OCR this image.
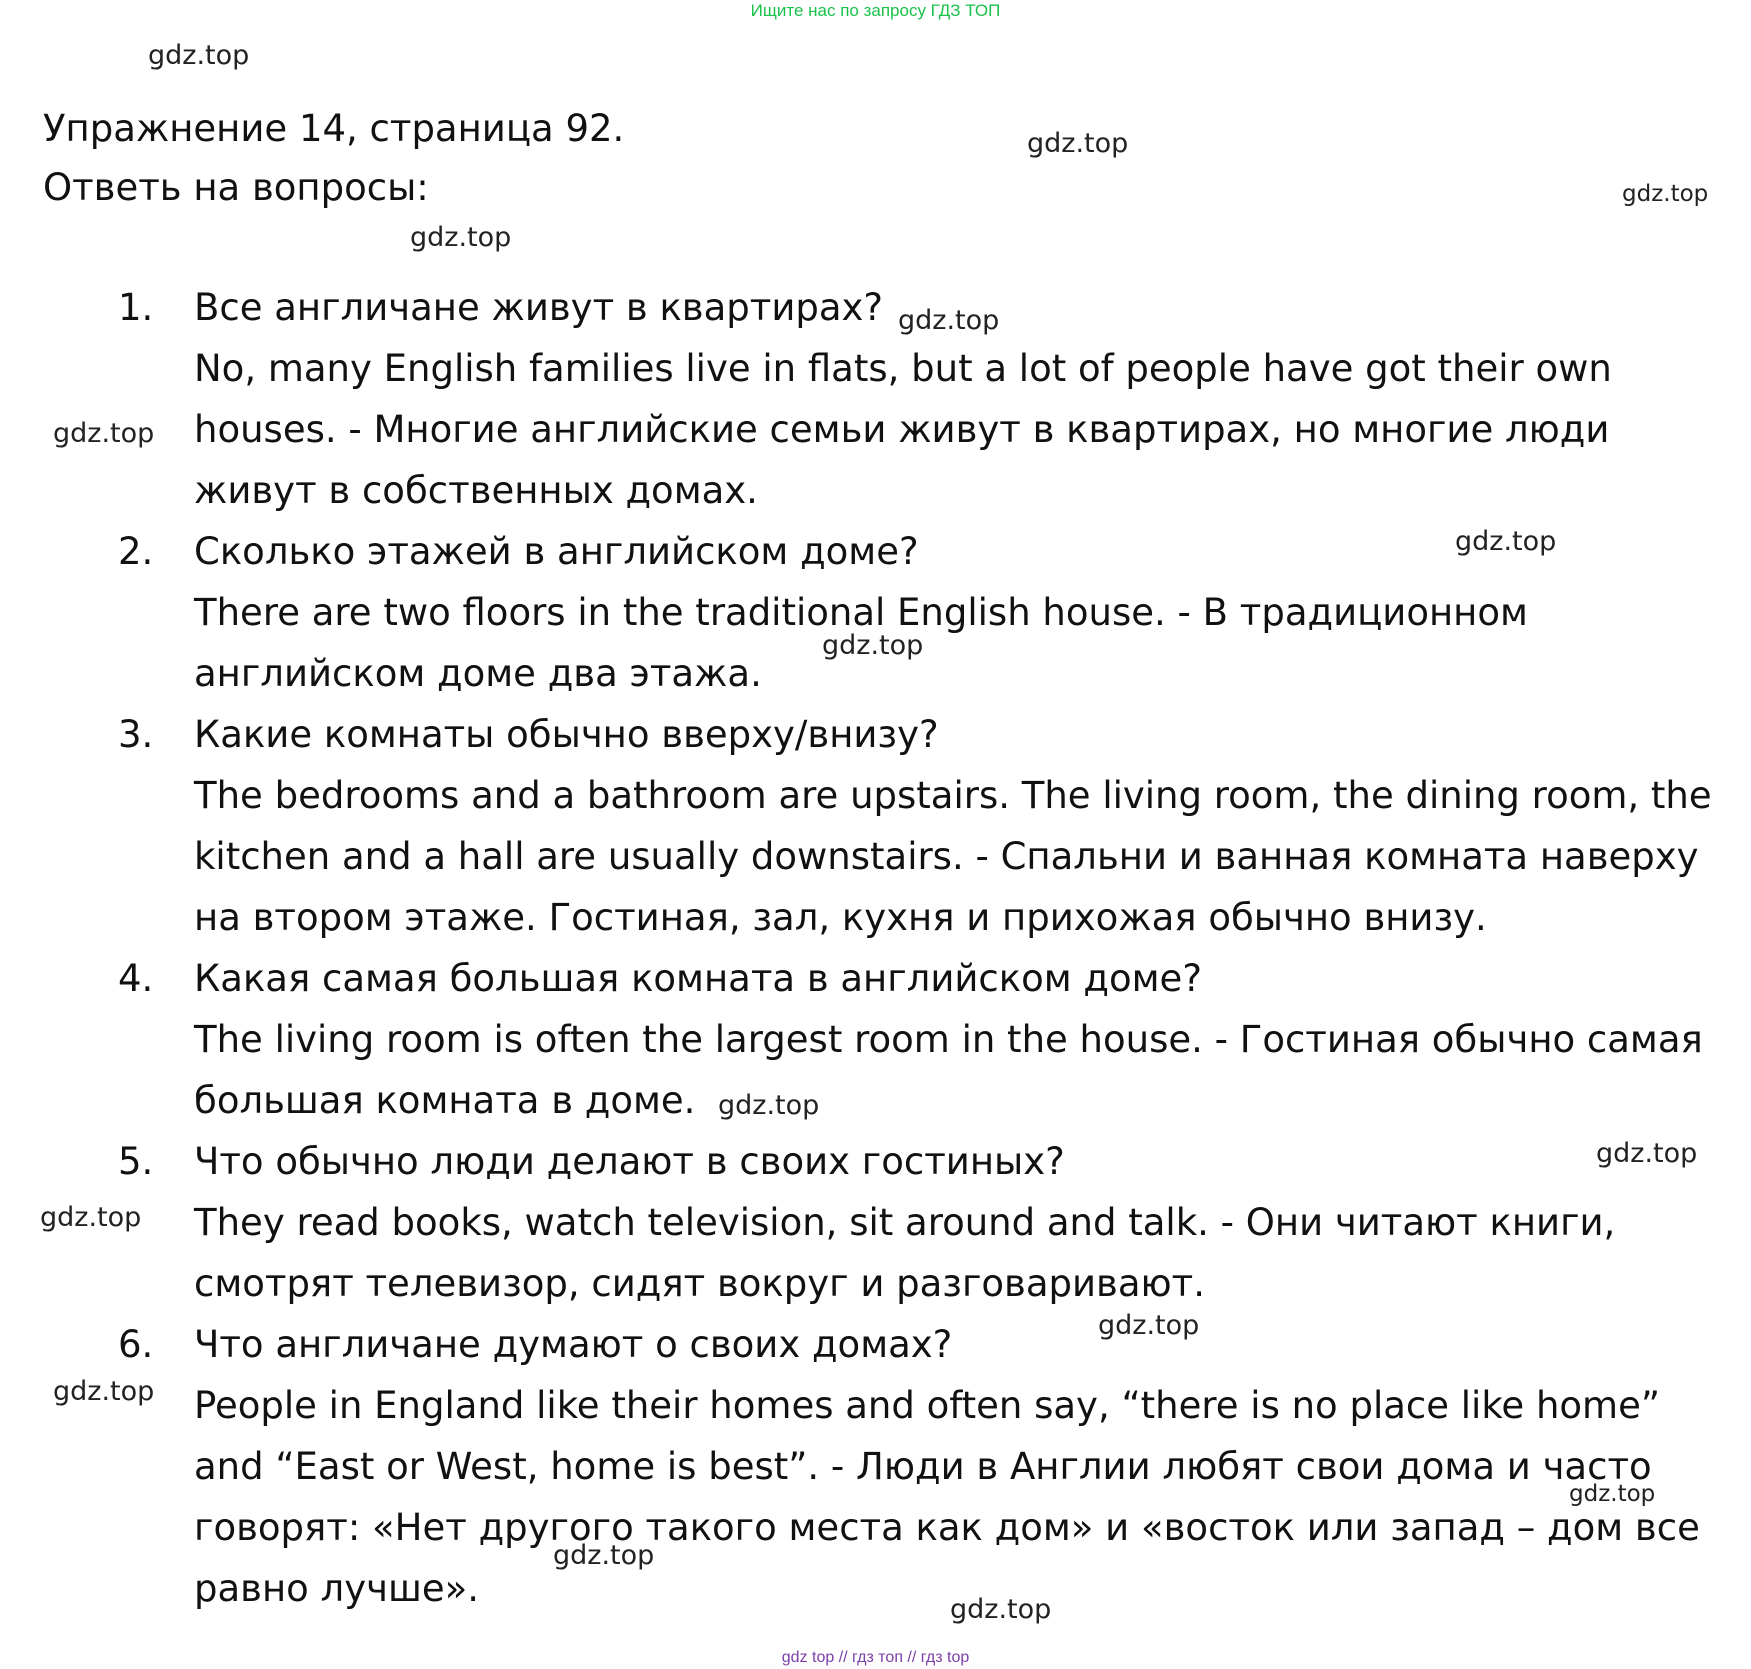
Ищите нас по запросу ГДЗ ТОП
Упражнение 14, страница 92.
Ответь на вопросы:
1. Все англичане живут в квартирах?
No, many English families live in flats, but a lot of people have got their own houses. - Многие английские семьи живут в квартирах, но многие люди живут в собственных домах.
2. Сколько этажей в английском доме?
There are two floors in the traditional English house. - В традиционном английском доме два этажа.
3. Какие комнаты обычно вверху/внизу?
The bedrooms and a bathroom are upstairs. The living room, the dining room, the kitchen and a hall are usually downstairs. - Спальни и ванная комната наверху на втором этаже. Гостиная, зал, кухня и прихожая обычно внизу.
4. Какая самая большая комната в английском доме?
The living room is often the largest room in the house. - Гостиная обычно самая большая комната в доме.
5. Что обычно люди делают в своих гостиных?
They read books, watch television, sit around and talk. - Они читают книги, смотрят телевизор, сидят вокруг и разговаривают.
6. Что англичане думают о своих домах?
People in England like their homes and often say, “there is no place like home” and “East or West, home is best”. - Люди в Англии любят свои дома и часто говорят: «Нет другого такого места как дом» и «восток или запад – дом все равно лучше».
gdz.top
gdz.top
gdz.top
gdz.top
gdz.top
gdz.top
gdz.top
gdz.top
gdz.top
gdz.top
gdz.top
gdz.top
gdz.top
gdz.top
gdz.top
gdz.top
gdz top // гдз топ // гдз top
